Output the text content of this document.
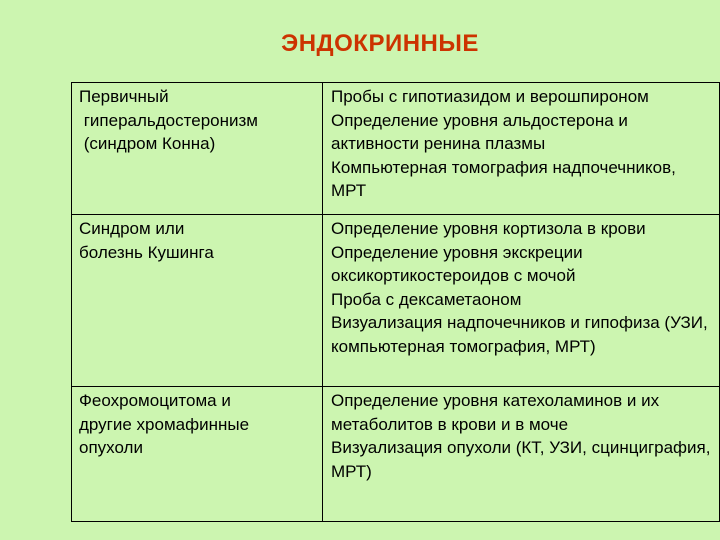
ЭНДОКРИННЫЕ
Первичный
гиперальдостеронизм
(синдром Конна)	Пробы с гипотиазидом и верошпироном
Определение уровня альдостерона и активности ренина плазмы
Компьютерная томография надпочечников, МРТ

Синдром или
болезнь Кушинга	Определение уровня кортизола в крови
Определение уровня экскреции оксикортикостероидов с мочой
Проба с дексаметаоном
Визуализация надпочечников и гипофиза (УЗИ, компьютерная томография, МРТ)

Феохромоцитома и
другие хромафинные
опухоли	Определение уровня катехоламинов и их метаболитов в крови и в моче
Визуализация опухоли (КТ, УЗИ, сцинциграфия, МРТ)
